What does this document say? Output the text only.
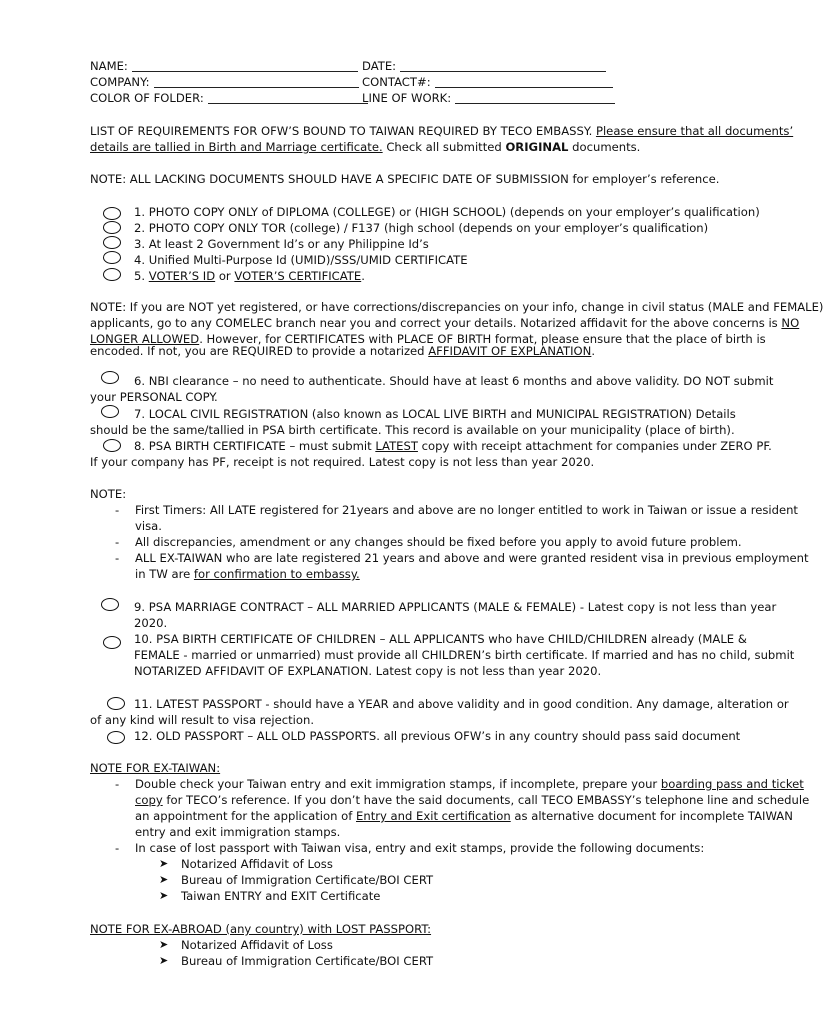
NAME:	DATE:
COMPANY:	CONTACT#:
COLOR OF FOLDER:	LINE OF WORK:
LIST OF REQUIREMENTS FOR OFW’S BOUND TO TAIWAN REQUIRED BY TECO EMBASSY. Please ensure that all documents’
details are tallied in Birth and Marriage certificate. Check all submitted ORIGINAL documents.
NOTE: ALL LACKING DOCUMENTS SHOULD HAVE A SPECIFIC DATE OF SUBMISSION for employer’s reference.
1. PHOTO COPY ONLY of DIPLOMA (COLLEGE) or (HIGH SCHOOL) (depends on your employer’s qualification)
2. PHOTO COPY ONLY TOR (college) / F137 (high school (depends on your employer’s qualification)
3. At least 2 Government Id’s or any Philippine Id’s
4. Unified Multi-Purpose Id (UMID)/SSS/UMID CERTIFICATE
5. VOTER’S ID or VOTER’S CERTIFICATE.
NOTE: If you are NOT yet registered, or have corrections/discrepancies on your info, change in civil status (MALE and FEMALE)
applicants, go to any COMELEC branch near you and correct your details. Notarized affidavit for the above concerns is NO
LONGER ALLOWED. However, for CERTIFICATES with PLACE OF BIRTH format, please ensure that the place of birth is
encoded. If not, you are REQUIRED to provide a notarized AFFIDAVIT OF EXPLANATION.
6. NBI clearance – no need to authenticate. Should have at least 6 months and above validity. DO NOT submit
your PERSONAL COPY.
7. LOCAL CIVIL REGISTRATION (also known as LOCAL LIVE BIRTH and MUNICIPAL REGISTRATION) Details
should be the same/tallied in PSA birth certificate. This record is available on your municipality (place of birth).
8. PSA BIRTH CERTIFICATE – must submit LATEST copy with receipt attachment for companies under ZERO PF.
If your company has PF, receipt is not required. Latest copy is not less than year 2020.
NOTE:
- First Timers: All LATE registered for 21years and above are no longer entitled to work in Taiwan or issue a resident
visa.
- All discrepancies, amendment or any changes should be fixed before you apply to avoid future problem.
- ALL EX-TAIWAN who are late registered 21 years and above and were granted resident visa in previous employment
in TW are for confirmation to embassy.
9. PSA MARRIAGE CONTRACT – ALL MARRIED APPLICANTS (MALE & FEMALE) - Latest copy is not less than year
2020.
10. PSA BIRTH CERTIFICATE OF CHILDREN – ALL APPLICANTS who have CHILD/CHILDREN already (MALE &
FEMALE - married or unmarried) must provide all CHILDREN’s birth certificate. If married and has no child, submit
NOTARIZED AFFIDAVIT OF EXPLANATION. Latest copy is not less than year 2020.
11. LATEST PASSPORT - should have a YEAR and above validity and in good condition. Any damage, alteration or
of any kind will result to visa rejection.
12. OLD PASSPORT – ALL OLD PASSPORTS. all previous OFW’s in any country should pass said document
NOTE FOR EX-TAIWAN:
- Double check your Taiwan entry and exit immigration stamps, if incomplete, prepare your boarding pass and ticket
copy for TECO’s reference. If you don’t have the said documents, call TECO EMBASSY’s telephone line and schedule
an appointment for the application of Entry and Exit certification as alternative document for incomplete TAIWAN
entry and exit immigration stamps.
- In case of lost passport with Taiwan visa, entry and exit stamps, provide the following documents:
➤ Notarized Affidavit of Loss
➤ Bureau of Immigration Certificate/BOI CERT
➤ Taiwan ENTRY and EXIT Certificate
NOTE FOR EX-ABROAD (any country) with LOST PASSPORT:
➤ Notarized Affidavit of Loss
➤ Bureau of Immigration Certificate/BOI CERT
